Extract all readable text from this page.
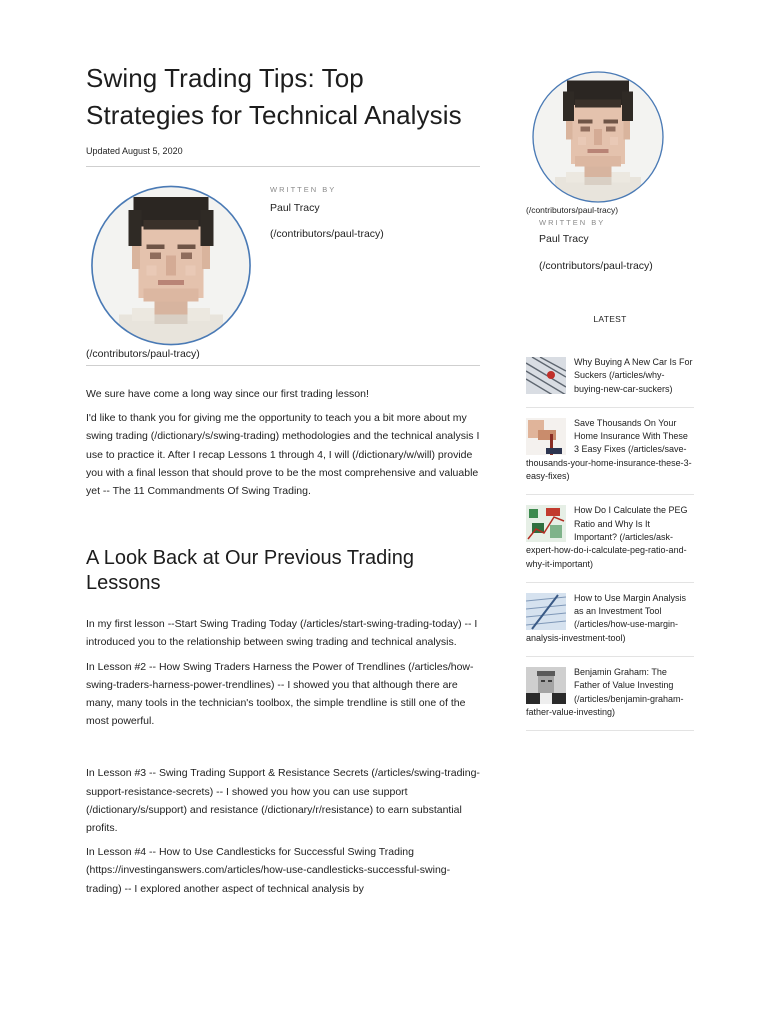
Swing Trading Tips: Top Strategies for Technical Analysis
Updated August 5, 2020
WRITTEN BY
Paul Tracy
(/contributors/paul-tracy)
(/contributors/paul-tracy)

We sure have come a long way since our first trading lesson!

I'd like to thank you for giving me the opportunity to teach you a bit more about my swing trading (/dictionary/s/swing-trading) methodologies and the technical analysis I use to practice it. After I recap Lessons 1 through 4, I will (/dictionary/w/will) provide you with a final lesson that should prove to be the most comprehensive and valuable yet -- The 11 Commandments Of Swing Trading.

A Look Back at Our Previous Trading Lessons

In my first lesson --Start Swing Trading Today (/articles/start-swing-trading-today) -- I introduced you to the relationship between swing trading and technical analysis.

In Lesson #2 -- How Swing Traders Harness the Power of Trendlines (/articles/how-swing-traders-harness-power-trendlines) -- I showed you that although there are many, many tools in the technician's toolbox, the simple trendline is still one of the most powerful.

In Lesson #3 -- Swing Trading Support & Resistance Secrets (/articles/swing-trading-support-resistance-secrets) -- I showed you how you can use support (/dictionary/s/support) and resistance (/dictionary/r/resistance) to earn substantial profits.

In Lesson #4 -- How to Use Candlesticks for Successful Swing Trading (https://investinganswers.com/articles/how-use-candlesticks-successful-swing-trading) -- I explored another aspect of technical analysis by

(/contributors/paul-tracy)
WRITTEN BY
Paul Tracy
(/contributors/paul-tracy)
LATEST
Why Buying A New Car Is For Suckers (/articles/why-buying-new-car-suckers)
Save Thousands On Your Home Insurance With These 3 Easy Fixes (/articles/save-thousands-your-home-insurance-these-3-easy-fixes)
How Do I Calculate the PEG Ratio and Why Is It Important? (/articles/ask-expert-how-do-i-calculate-peg-ratio-and-why-it-important)
How to Use Margin Analysis as an Investment Tool (/articles/how-use-margin-analysis-investment-tool)
Benjamin Graham: The Father of Value Investing (/articles/benjamin-graham-father-value-investing)
